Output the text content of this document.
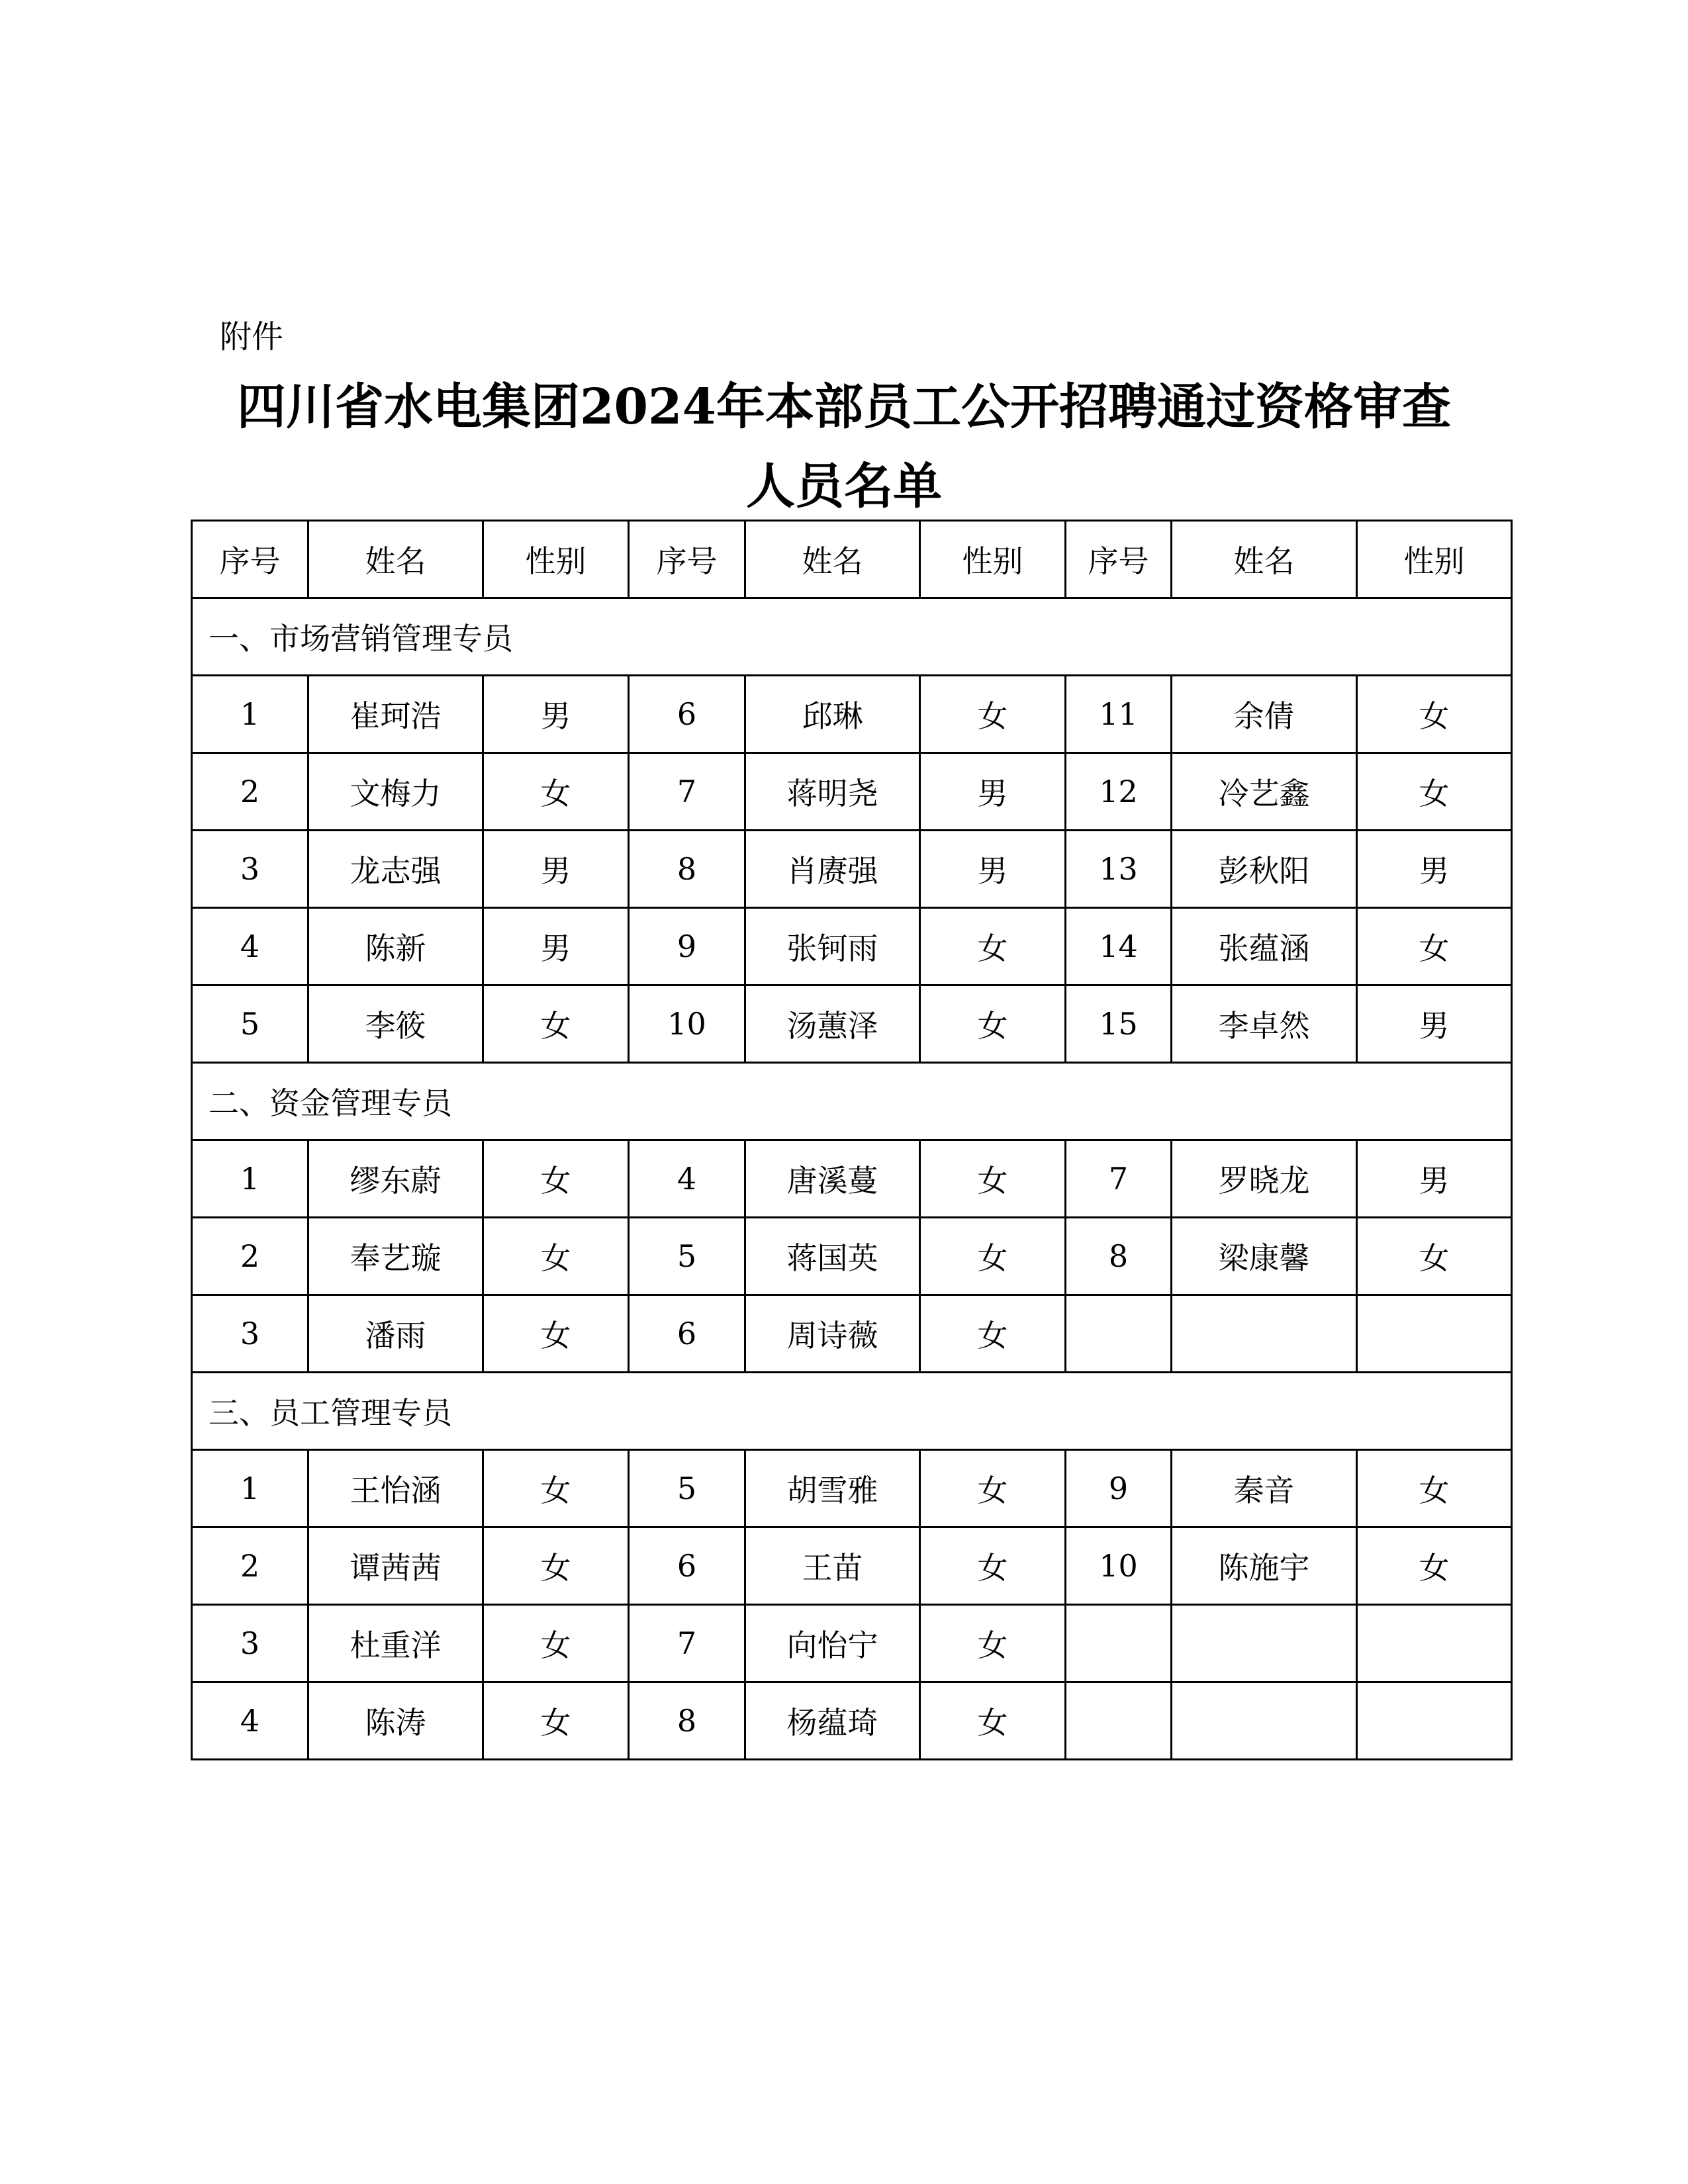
附件
四川省水电集团2024年本部员工公开招聘通过资格审查
人员名单
序号	姓名	性别	序号	姓名	性别	序号	姓名	性别
一、市场营销管理专员								
1	崔珂浩	男	6	邱琳	女	11	余倩	女
2	文梅力	女	7	蒋明尧	男	12	冷艺鑫	女
3	龙志强	男	8	肖赓强	男	13	彭秋阳	男
4	陈新	男	9	张钶雨	女	14	张蕴涵	女
5	李筱	女	10	汤蕙泽	女	15	李卓然	男
二、资金管理专员								
1	缪东蔚	女	4	唐溪蔓	女	7	罗晓龙	男
2	奉艺璇	女	5	蒋国英	女	8	梁康馨	女
3	潘雨	女	6	周诗薇	女			
三、员工管理专员								
1	王怡涵	女	5	胡雪雅	女	9	秦音	女
2	谭茜茜	女	6	王苗	女	10	陈施宇	女
3	杜重洋	女	7	向怡宁	女			
4	陈涛	女	8	杨蕴琦	女			
